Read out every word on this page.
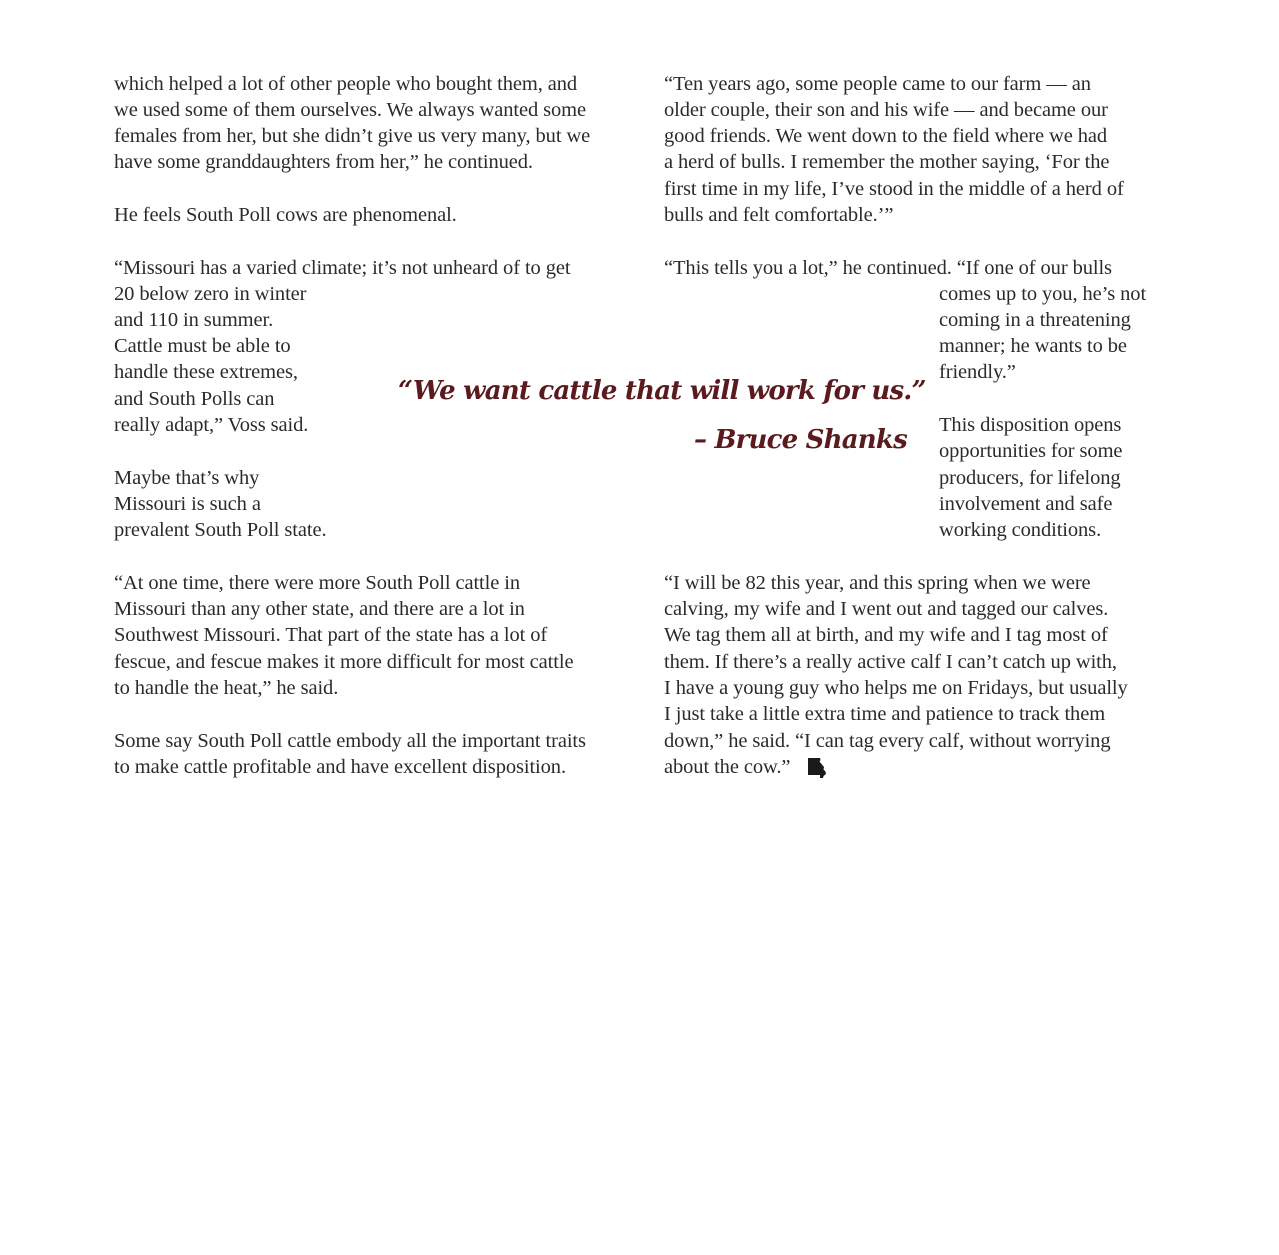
which helped a lot of other people who bought them, and
we used some of them ourselves. We always wanted some
females from her, but she didn’t give us very many, but we
have some granddaughters from her,” he continued.
He feels South Poll cows are phenomenal.
“Missouri has a varied climate; it’s not unheard of to get
20 below zero in winter
and 110 in summer.
Cattle must be able to
handle these extremes,
and South Polls can
really adapt,” Voss said.
Maybe that’s why
Missouri is such a
prevalent South Poll state.
“At one time, there were more South Poll cattle in
Missouri than any other state, and there are a lot in
Southwest Missouri. That part of the state has a lot of
fescue, and fescue makes it more difficult for most cattle
to handle the heat,” he said.
Some say South Poll cattle embody all the important traits
to make cattle profitable and have excellent disposition.
“Ten years ago, some people came to our farm — an
older couple, their son and his wife — and became our
good friends. We went down to the field where we had
a herd of bulls. I remember the mother saying, ‘For the
first time in my life, I’ve stood in the middle of a herd of
bulls and felt comfortable.’”
“This tells you a lot,” he continued. “If one of our bulls
comes up to you, he’s not
coming in a threatening
manner; he wants to be
friendly.”
This disposition opens
opportunities for some
producers, for lifelong
involvement and safe
working conditions.
“I will be 82 this year, and this spring when we were
calving, my wife and I went out and tagged our calves.
We tag them all at birth, and my wife and I tag most of
them. If there’s a really active calf I can’t catch up with,
I have a young guy who helps me on Fridays, but usually
I just take a little extra time and patience to track them
down,” he said. “I can tag every calf, without worrying
about the cow.”
“We want cattle that will work for us.”
– Bruce Shanks
